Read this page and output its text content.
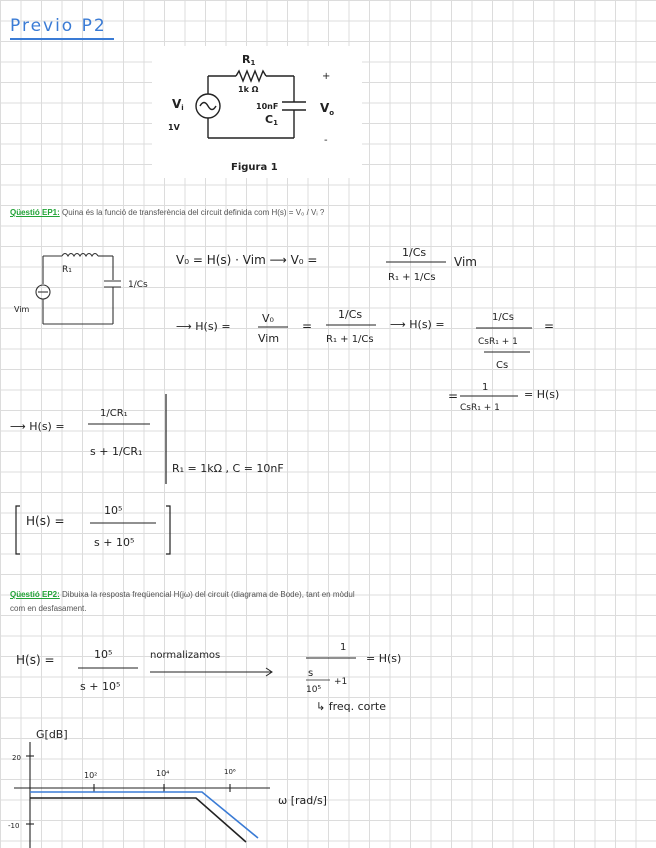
Previo P2
R1
1k Ω
10nF
C1
Vi
1V
$V_o$
+
-
Figura 1
Qüestió EP1: Quina és la funció de transferència del circuit definida com H(s) = V₀ / Vᵢ ?
R₁
1/Cs
Vim
V₀ = H(s) · Vim ⟶ V₀ =
1/Cs
R₁ + 1/Cs
Vim
⟶ H(s) =
V₀
Vim
=
1/Cs
R₁ + 1/Cs
⟶ H(s) =
1/Cs
CsR₁ + 1
Cs
=
=
1
CsR₁ + 1
= H(s)
⟶ H(s) =
1/CR₁
s + 1/CR₁
R₁ = 1kΩ , C = 10nF
H(s) =
10⁵
s + 10⁵
Qüestió EP2: Dibuixa la resposta freqüencial H(jω) del circuit (diagrama de Bode), tant en mòdul
com en desfasament.
H(s) =	10⁵
s + 10⁵
normalizamos
1
s
10⁵
+1
= H(s)
↳ freq. corte
G[dB]
ω [rad/s]
20
-10
10²	10⁴	10⁶
